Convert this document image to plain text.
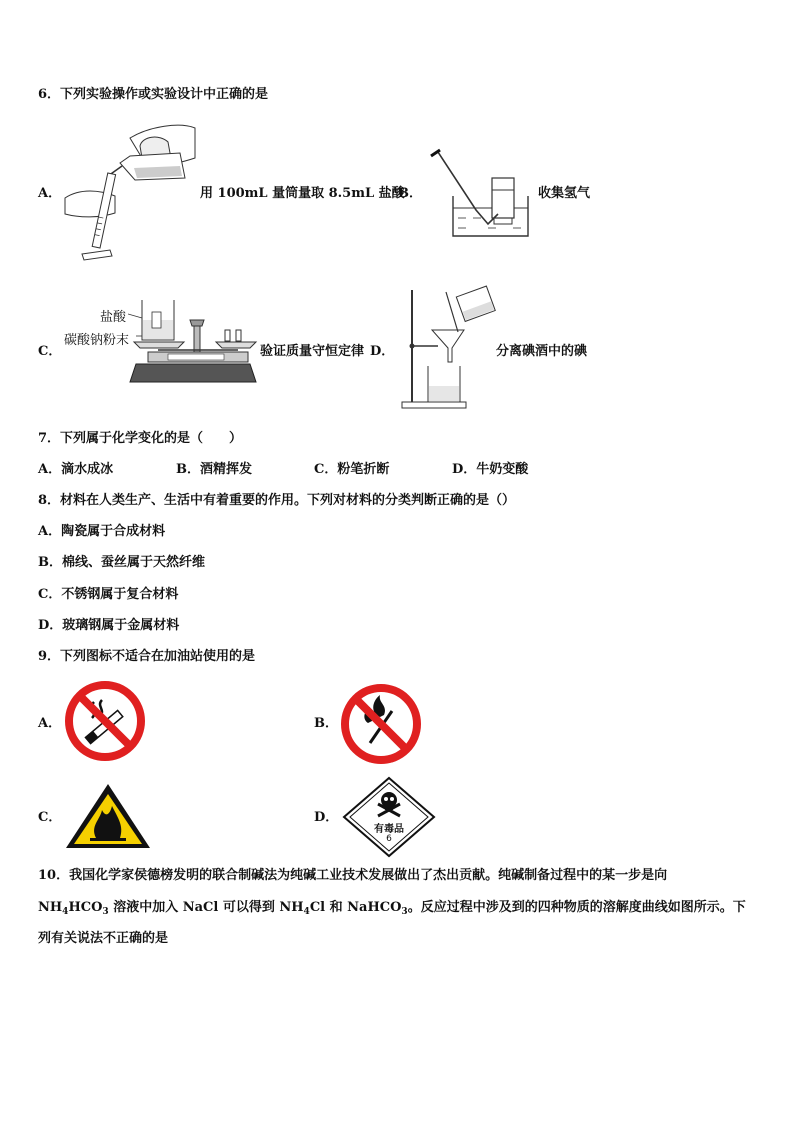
6．下列实验操作或实验设计中正确的是
A．	用 100mL 量筒量取 8.5mL 盐酸
B．	收集氢气
C．
盐酸
碳酸钠粉末
验证质量守恒定律 D．	分离碘酒中的碘
7．下列属于化学变化的是（　　）
A．滴水成冰	B．酒精挥发	C．粉笔折断	D．牛奶变酸
8．材料在人类生产、生活中有着重要的作用。下列对材料的分类判断正确的是（）
A．陶瓷属于合成材料
B．棉线、蚕丝属于天然纤维
C．不锈钢属于复合材料
D．玻璃钢属于金属材料
9．下列图标不适合在加油站使用的是
A．	B．
C．	D．
有毒品
6
10．我国化学家侯德榜发明的联合制碱法为纯碱工业技术发展做出了杰出贡献。纯碱制备过程中的某一步是向
$NH_4HCO_3$ 溶液中加入 NaCl 可以得到 $NH_4Cl$ 和 NaHCO$_3$。反应过程中涉及到的四种物质的溶解度曲线如图所示。下
列有关说法不正确的是
